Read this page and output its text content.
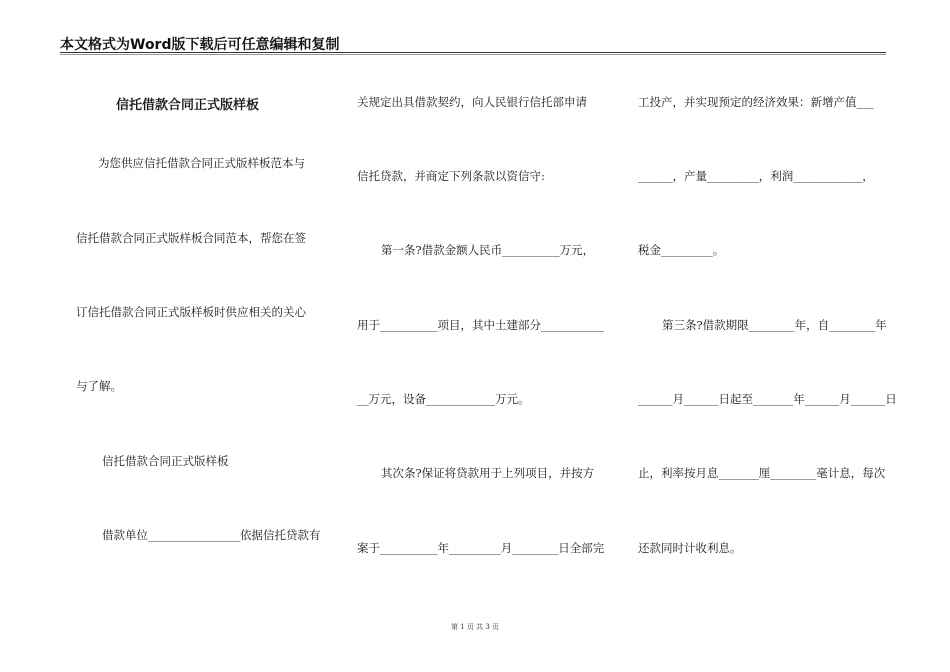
本文格式为Word版下载后可任意编辑和复制
信托借款合同正式版样板
为您供应信托借款合同正式版样板范本与
信托借款合同正式版样板合同范本，帮您在签
订信托借款合同正式版样板时供应相关的关心
与了解。
信托借款合同正式版样板
借款单位________________依据信托贷款有
关规定出具借款契约，向人民银行信托部申请
信托贷款，并商定下列条款以资信守:
第一条?借款金额人民币__________万元，
用于__________项目，其中土建部分___________
__万元，设备____________万元。
其次条?保证将贷款用于上列项目，并按方
案于__________年_________月________日全部完
工投产，并实现预定的经济效果：新增产值___
______，产量_________，利润____________，
税金_________。
第三条?借款期限________年，自________年
______月______日起至_______年______月______日
止，利率按月息_______厘________毫计息，每次
还款同时计收利息。
第 1 页 共 3 页
